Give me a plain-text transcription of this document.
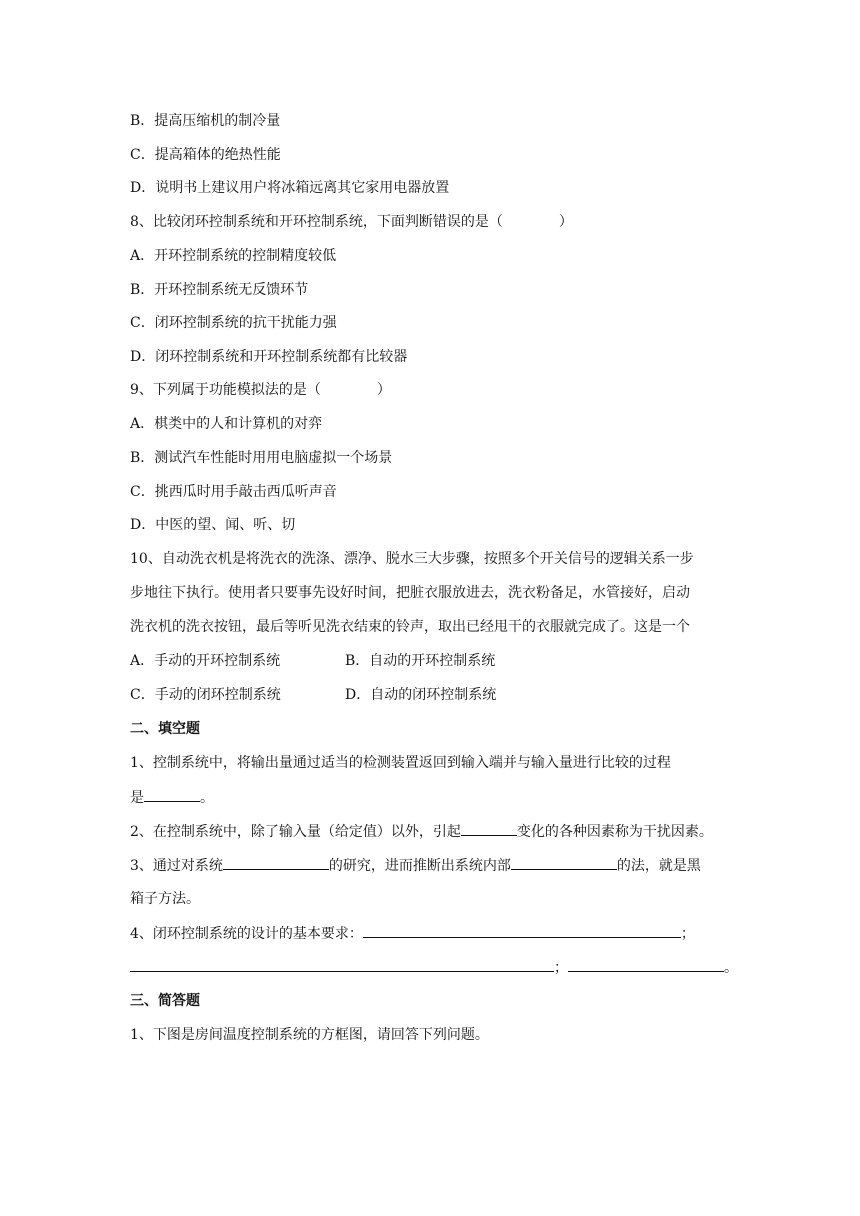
B．提高压缩机的制冷量
C．提高箱体的绝热性能
D．说明书上建议用户将冰箱远离其它家用电器放置
8、比较闭环控制系统和开环控制系统，下面判断错误的是（　　　　）
A．开环控制系统的控制精度较低
B．开环控制系统无反馈环节
C．闭环控制系统的抗干扰能力强
D．闭环控制系统和开环控制系统都有比较器
9、下列属于功能模拟法的是（　　　　）
A．棋类中的人和计算机的对弈
B．测试汽车性能时用用电脑虚拟一个场景
C．挑西瓜时用手敲击西瓜听声音
D．中医的望、闻、听、切
10、自动洗衣机是将洗衣的洗涤、漂净、脱水三大步骤，按照多个开关信号的逻辑关系一步
步地往下执行。使用者只要事先设好时间，把脏衣服放进去，洗衣粉备足，水管接好，启动
洗衣机的洗衣按钮，最后等听见洗衣结束的铃声，取出已经甩干的衣服就完成了。这是一个
A．手动的开环控制系统	B．自动的开环控制系统
C．手动的闭环控制系统	D．自动的闭环控制系统
二、填空题
1、控制系统中，将输出量通过适当的检测装置返回到输入端并与输入量进行比较的过程
是	。
2、在控制系统中，除了输入量（给定值）以外，引起	变化的各种因素称为干扰因素。
3、通过对系统	的研究，进而推断出系统内部	的法，就是黑
箱子方法。
4、闭环控制系统的设计的基本要求：	；
；	。
三、简答题
1、下图是房间温度控制系统的方框图，请回答下列问题。
